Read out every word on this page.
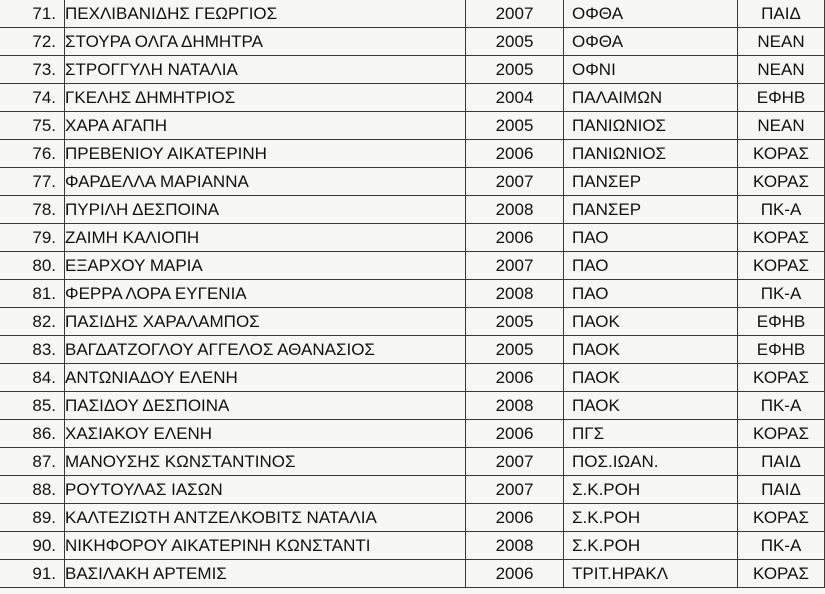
71.	ΠΕΧΛΙΒΑΝΙΔΗΣ ΓΕΩΡΓΙΟΣ	2007	ΟΦΘΑ	ΠΑΙΔ
72.	ΣΤΟΥΡΑ ΟΛΓΑ ΔΗΜΗΤΡΑ	2005	ΟΦΘΑ	ΝΕΑΝ
73.	ΣΤΡΟΓΓΥΛΗ ΝΑΤΑΛΙΑ	2005	ΟΦΝΙ	ΝΕΑΝ
74.	ΓΚΕΛΗΣ ΔΗΜΗΤΡΙΟΣ	2004	ΠΑΛΑΙΜΩΝ	ΕΦΗΒ
75.	ΧΑΡΑ ΑΓΑΠΗ	2005	ΠΑΝΙΩΝΙΟΣ	ΝΕΑΝ
76.	ΠΡΕΒΕΝΙΟΥ ΑΙΚΑΤΕΡΙΝΗ	2006	ΠΑΝΙΩΝΙΟΣ	ΚΟΡΑΣ
77.	ΦΑΡΔΕΛΛΑ ΜΑΡΙΑΝΝΑ	2007	ΠΑΝΣΕΡ	ΚΟΡΑΣ
78.	ΠΥΡΙΛΗ ΔΕΣΠΟΙΝΑ	2008	ΠΑΝΣΕΡ	ΠΚ-Α
79.	ΖΑΙΜΗ ΚΑΛΙΟΠΗ	2006	ΠΑΟ	ΚΟΡΑΣ
80.	ΕΞΑΡΧΟΥ ΜΑΡΙΑ	2007	ΠΑΟ	ΚΟΡΑΣ
81.	ΦΕΡΡΑ ΛΟΡΑ ΕΥΓΕΝΙΑ	2008	ΠΑΟ	ΠΚ-Α
82.	ΠΑΣΙΔΗΣ ΧΑΡΑΛΑΜΠΟΣ	2005	ΠΑΟΚ	ΕΦΗΒ
83.	ΒΑΓΔΑΤΖΟΓΛΟΥ ΑΓΓΕΛΟΣ ΑΘΑΝΑΣΙΟΣ	2005	ΠΑΟΚ	ΕΦΗΒ
84.	ΑΝΤΩΝΙΑΔΟΥ ΕΛΕΝΗ	2006	ΠΑΟΚ	ΚΟΡΑΣ
85.	ΠΑΣΙΔΟΥ ΔΕΣΠΟΙΝΑ	2008	ΠΑΟΚ	ΠΚ-Α
86.	ΧΑΣΙΑΚΟΥ ΕΛΕΝΗ	2006	ΠΓΣ	ΚΟΡΑΣ
87.	ΜΑΝΟΥΣΗΣ ΚΩΝΣΤΑΝΤΙΝΟΣ	2007	ΠΟΣ.ΙΩΑΝ.	ΠΑΙΔ
88.	ΡΟΥΤΟΥΛΑΣ ΙΑΣΩΝ	2007	Σ.Κ.ΡΟΗ	ΠΑΙΔ
89.	ΚΑΛΤΕΖΙΩΤΗ ΑΝΤΖΕΛΚΟΒΙΤΣ ΝΑΤΑΛΙΑ	2006	Σ.Κ.ΡΟΗ	ΚΟΡΑΣ
90.	ΝΙΚΗΦΟΡΟΥ ΑΙΚΑΤΕΡΙΝΗ ΚΩΝΣΤΑΝΤΙ	2008	Σ.Κ.ΡΟΗ	ΠΚ-Α
91.	ΒΑΣΙΛΑΚΗ ΑΡΤΕΜΙΣ	2006	ΤΡΙΤ.ΗΡΑΚΛ	ΚΟΡΑΣ
